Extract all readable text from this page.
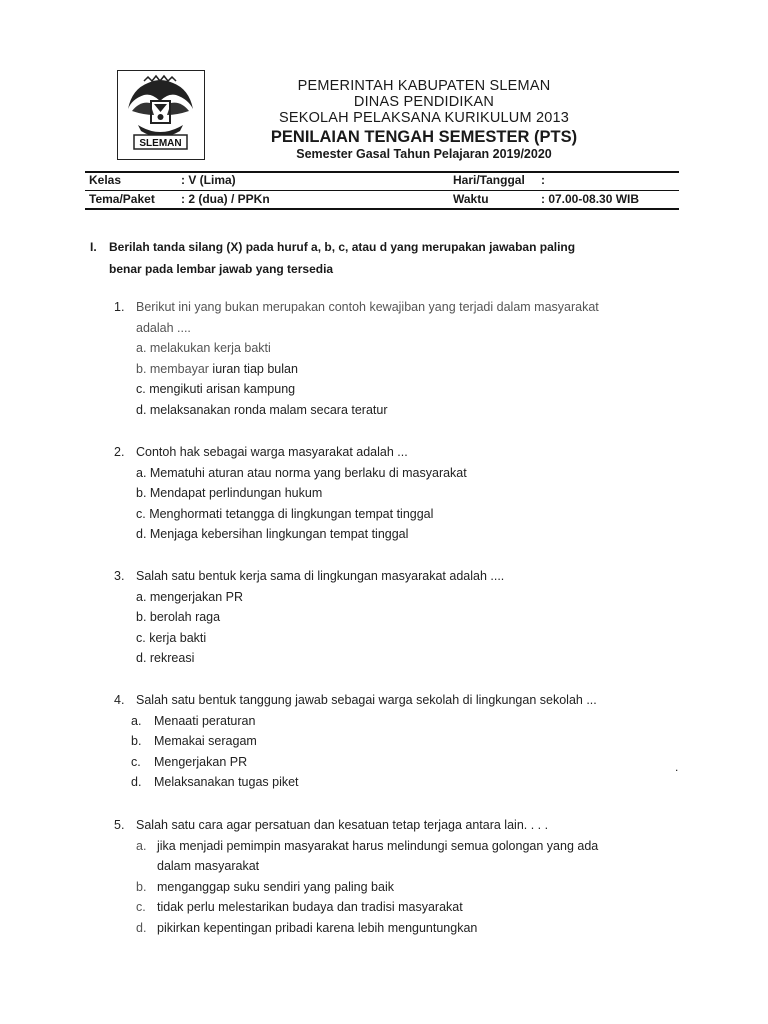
SLEMAN
PEMERINTAH KABUPATEN SLEMAN
DINAS PENDIDIKAN
SEKOLAH PELAKSANA KURIKULUM 2013
PENILAIAN TENGAH SEMESTER (PTS)
Semester Gasal Tahun Pelajaran 2019/2020
Kelas	: V (Lima)	Hari/Tanggal :
Tema/Paket : 2 (dua) / PPKn	Waktu	: 07.00-08.30 WIB
I. Berilah tanda silang (X) pada huruf a, b, c, atau d yang merupakan jawaban paling
benar pada lembar jawab yang tersedia
1. Berikut ini yang bukan merupakan contoh kewajiban yang terjadi dalam masyarakat
adalah ....
a. melakukan kerja bakti
b. membayar iuran tiap bulan
c. mengikuti arisan kampung
d. melaksanakan ronda malam secara teratur
2. Contoh hak sebagai warga masyarakat adalah ...
a. Mematuhi aturan atau norma yang berlaku di masyarakat
b. Mendapat perlindungan hukum
c. Menghormati tetangga di lingkungan tempat tinggal
d. Menjaga kebersihan lingkungan tempat tinggal
3. Salah satu bentuk kerja sama di lingkungan masyarakat adalah ....
a. mengerjakan PR
b. berolah raga
c. kerja bakti
d. rekreasi
4. Salah satu bentuk tanggung jawab sebagai warga sekolah di lingkungan sekolah ...
a. Menaati peraturan
b. Memakai seragam
c. Mengerjakan PR
d. Melaksanakan tugas piket
.
5. Salah satu cara agar persatuan dan kesatuan tetap terjaga antara lain. . . .
a. jika menjadi pemimpin masyarakat harus melindungi semua golongan yang ada
dalam masyarakat
b. menganggap suku sendiri yang paling baik
c. tidak perlu melestarikan budaya dan tradisi masyarakat
d. pikirkan kepentingan pribadi karena lebih menguntungkan
